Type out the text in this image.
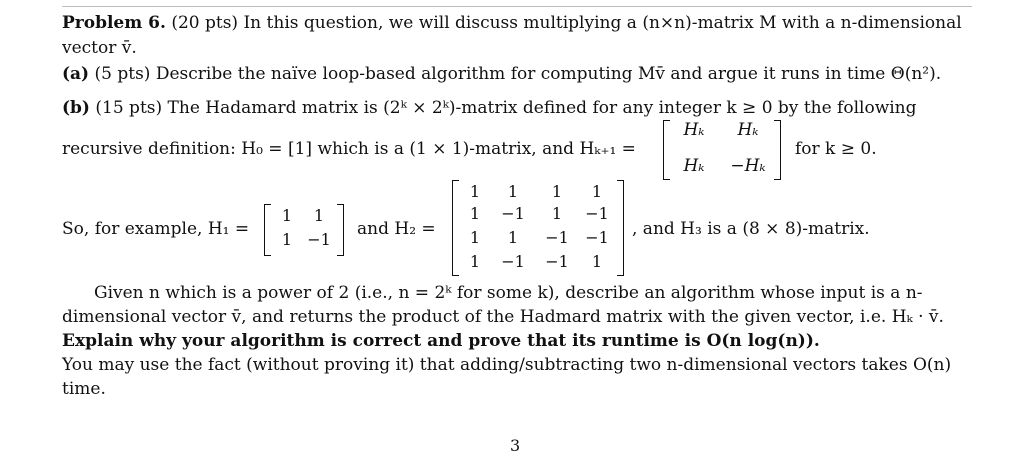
Problem 6. (20 pts) In this question, we will discuss multiplying a (n×n)-matrix M with a n-dimensional
vector v̄.
(a) (5 pts) Describe the naïve loop-based algorithm for computing Mv̄ and argue it runs in time Θ(n²).
(b) (15 pts) The Hadamard matrix is (2ᵏ × 2ᵏ)-matrix defined for any integer k ≥ 0 by the following
recursive definition: H₀ = [1] which is a (1 × 1)-matrix, and Hₖ₊₁ =
Hₖ	Hₖ
Hₖ	−Hₖ
for k ≥ 0.
So, for example, H₁ =
1	1
1 −1
and H₂ =
1	1	1	1
1	−1	1	−1
1	1	−1 −1
1	−1 −1	1
, and H₃ is a (8 × 8)-matrix.
Given n which is a power of 2 (i.e., n = 2ᵏ for some k), describe an algorithm whose input is a n-
dimensional vector v̄, and returns the product of the Hadmard matrix with the given vector, i.e. Hₖ · v̄.
Explain why your algorithm is correct and prove that its runtime is O(n log(n)).
You may use the fact (without proving it) that adding/subtracting two n-dimensional vectors takes O(n)
time.
3
